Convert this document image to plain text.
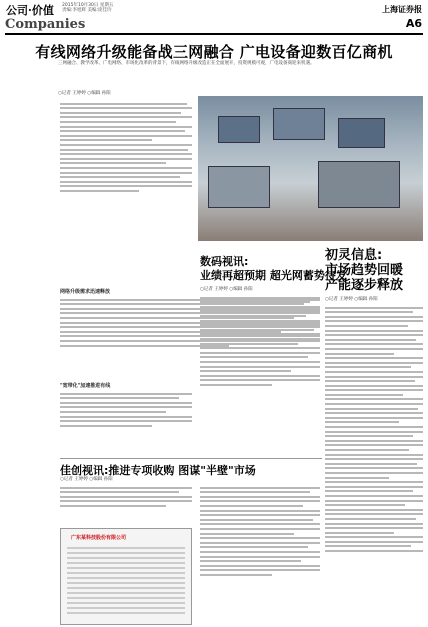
公司·价值 2015年10月30日 星期五
责编:李旭辉 美编:庞佳玲
Companies
上海证券报
A6
有线网络升级能备战三网融合 广电设备迎数百亿商机
三网融合、教学改革、广电网络、市场化改革的背景下，有线网络升级改造正在全面展开，投资规模可观，广电设备商迎来机遇。
○记者 王婷婷 ○编辑 孙阳
网络升级需求迅速释放
"宽带化"加速推进有线
数码视讯:
业绩再超预期 超光网蓄势待发
○记者 王婷婷 ○编辑 孙阳
初灵信息:
市场趋势回暖
产能逐步释放
○记者 王婷婷 ○编辑 孙阳
佳创视讯:推进专项收购 图谋"半壁"市场
○记者 王婷婷 ○编辑 孙阳
广东某科技股份有限公司
